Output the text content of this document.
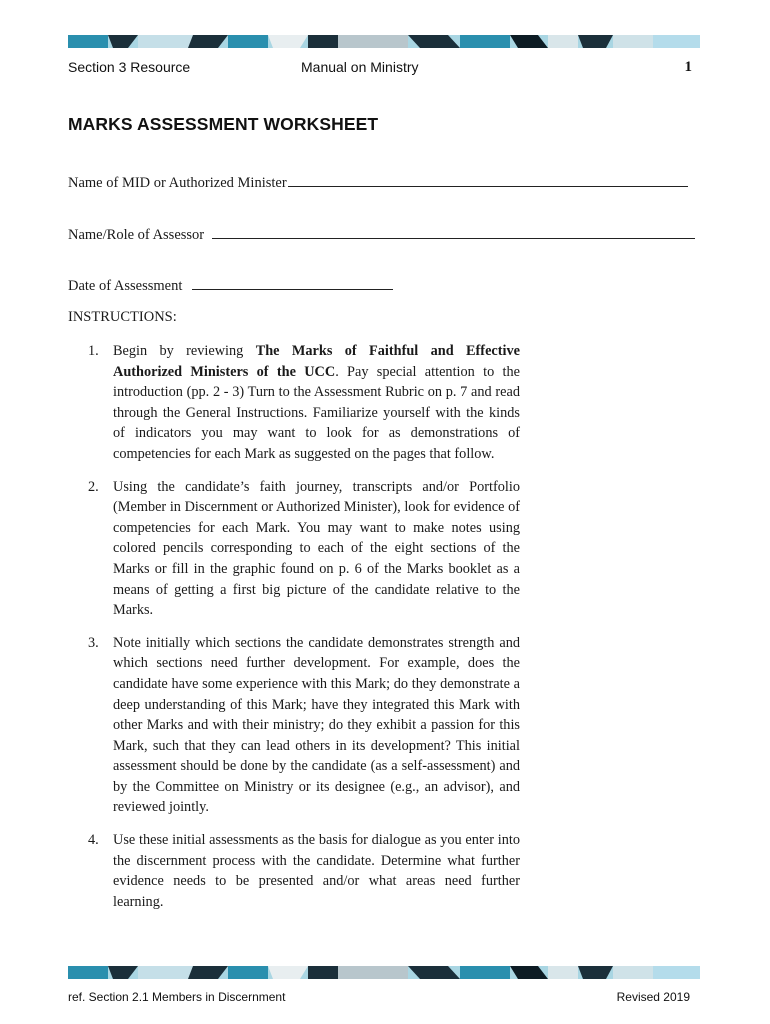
Section 3 Resource	Manual on Ministry	1
MARKS ASSESSMENT WORKSHEET
Name of MID or Authorized Minister
Name/Role of Assessor
Date of Assessment
INSTRUCTIONS:
1. Begin by reviewing The Marks of Faithful and Effective Authorized Ministers of the UCC. Pay special attention to the introduction (pp. 2 - 3) Turn to the Assessment Rubric on p. 7 and read through the General Instructions. Familiarize yourself with the kinds of indicators you may want to look for as demonstrations of competencies for each Mark as suggested on the pages that follow.
2. Using the candidate’s faith journey, transcripts and/or Portfolio (Member in Discernment or Authorized Minister), look for evidence of competencies for each Mark. You may want to make notes using colored pencils corresponding to each of the eight sections of the Marks or fill in the graphic found on p. 6 of the Marks booklet as a means of getting a first big picture of the candidate relative to the Marks.
3. Note initially which sections the candidate demonstrates strength and which sections need further development. For example, does the candidate have some experience with this Mark; do they demonstrate a deep understanding of this Mark; have they integrated this Mark with other Marks and with their ministry; do they exhibit a passion for this Mark, such that they can lead others in its development? This initial assessment should be done by the candidate (as a self-assessment) and by the Committee on Ministry or its designee (e.g., an advisor), and reviewed jointly.
4. Use these initial assessments as the basis for dialogue as you enter into the discernment process with the candidate. Determine what further evidence needs to be presented and/or what areas need further learning.
ref. Section 2.1 Members in Discernment	Revised 2019
